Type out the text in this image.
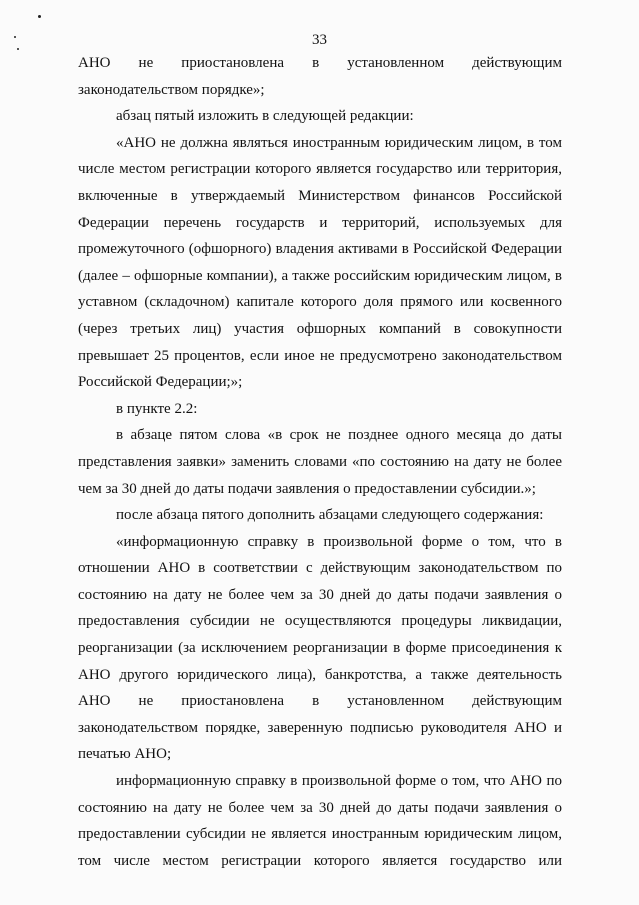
33
АНО не приостановлена в установленном действующим
законодательством порядке»;
абзац пятый изложить в следующей редакции:
«АНО не должна являться иностранным юридическим лицом, в том
числе местом регистрации которого является государство или территория,
включенные в утверждаемый Министерством финансов Российской
Федерации перечень государств и территорий, используемых для
промежуточного (офшорного) владения активами в Российской Федерации
(далее – офшорные компании), а также российским юридическим лицом, в
уставном (складочном) капитале которого доля прямого или косвенного
(через третьих лиц) участия офшорных компаний в совокупности
превышает 25 процентов, если иное не предусмотрено законодательством
Российской Федерации;»;
в пункте 2.2:
в абзаце пятом слова «в срок не позднее одного месяца до даты
представления заявки» заменить словами «по состоянию на дату не более
чем за 30 дней до даты подачи заявления о предоставлении субсидии.»;
после абзаца пятого дополнить абзацами следующего содержания:
«информационную справку в произвольной форме о том, что в
отношении АНО в соответствии с действующим законодательством по
состоянию на дату не более чем за 30 дней до даты подачи заявления о
предоставления субсидии не осуществляются процедуры ликвидации,
реорганизации (за исключением реорганизации в форме присоединения к
АНО другого юридического лица), банкротства, а также деятельность
АНО не приостановлена в установленном действующим
законодательством порядке, заверенную подписью руководителя АНО и
печатью АНО;
информационную справку в произвольной форме о том, что АНО по
состоянию на дату не более чем за 30 дней до даты подачи заявления о
предоставлении субсидии не является иностранным юридическим лицом,
том числе местом регистрации которого является государство или
